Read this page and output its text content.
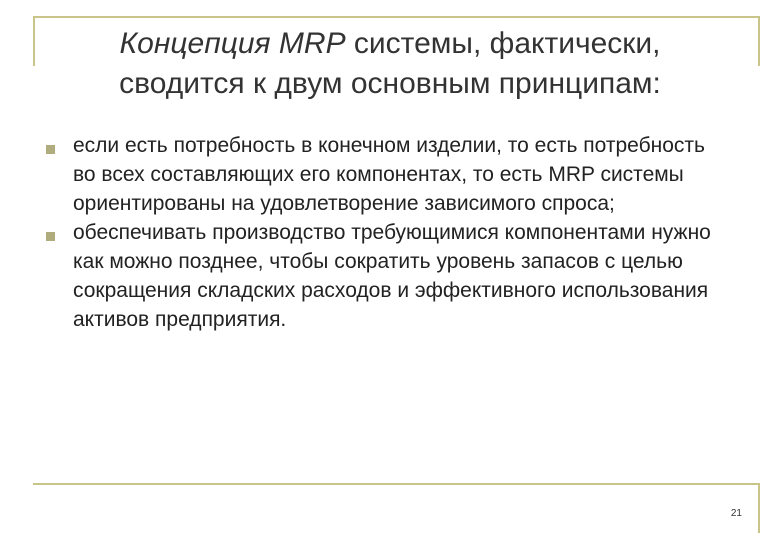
Концепция MRP системы, фактически,
сводится к двум основным принципам:
если есть потребность в конечном изделии, то есть потребность во всех составляющих его компонентах, то есть MRP системы ориентированы на удовлетворение зависимого спроса;
обеспечивать производство требующимися компонентами нужно как можно позднее, чтобы сократить уровень запасов с целью сокращения складских расходов и эффективного использования активов предприятия.
21
